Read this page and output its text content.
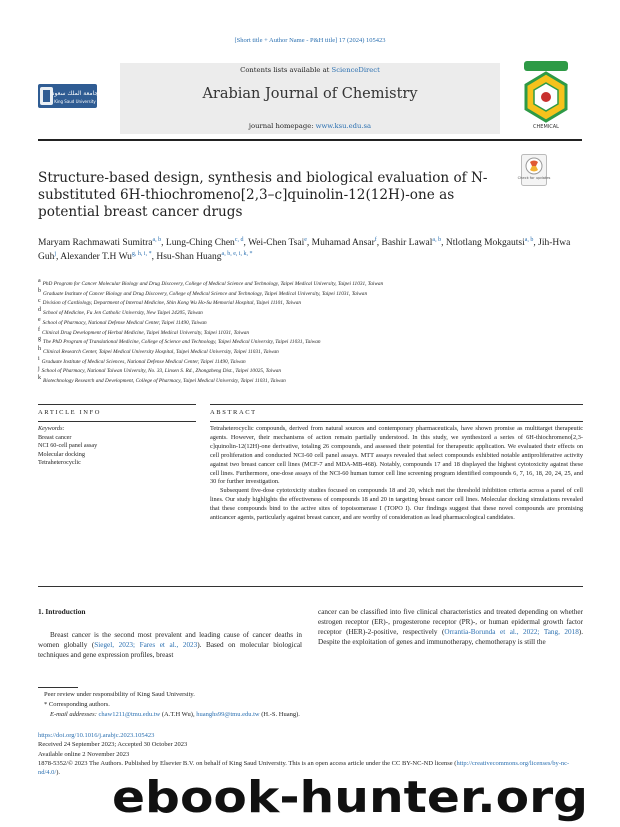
[Short title + Author Name - P&H title] 17 (2024) 105423
Contents lists available at ScienceDirect
Arabian Journal of Chemistry
journal homepage: www.ksu.edu.sa
جامعة الملك سعود
King Saud University
CHEMICAL
Structure-based design, synthesis and biological evaluation of N-substituted 6H-thiochromeno[2,3–c]quinolin-12(12H)-one as potential breast cancer drugs
Check for updates
Maryam Rachmawati Sumitra$^{a, b}$, Lung-Ching Chen$^{c, d}$, Wei-Chen Tsai$^e$, Muhamad Ansar$^f$, Bashir Lawal$^{a, b}$, Ntlotlang Mokgautsi$^{a, b}$, Jih-Hwa Guh$^j$, Alexander T.H $Wu^{g, h, i, *}$, Hsu-Shan Huang$^{a, b, e, i, k, *}$
$^a$ PhD Program for Cancer Molecular Biology and Drug Discovery, College of Medical Science and Technology, Taipei Medical University, Taipei 11031, Taiwan
$^b$ Graduate Institute of Cancer Biology and Drug Discovery, College of Medical Science and Technology, Taipei Medical University, Taipei 11031, Taiwan
$^c$ Division of Cardiology, Department of Internal Medicine, Shin Kong Wu Ho-Su Memorial Hospital, Taipei 11101, Taiwan
$^d$ School of Medicine, Fu Jen Catholic University, New Taipei 24205, Taiwan
$^e$ School of Pharmacy, National Defense Medical Center, Taipei 11490, Taiwan
$^f$ Clinical Drug Development of Herbal Medicine, Taipei Medical University, Taipei 11031, Taiwan
$^g$ The PhD Program of Translational Medicine, College of Science and Technology, Taipei Medical University, Taipei 11031, Taiwan
$^h$ Clinical Research Center, Taipei Medical University Hospital, Taipei Medical University, Taipei 11031, Taiwan
$^i$ Graduate Institute of Medical Sciences, National Defense Medical Center, Taipei 11490, Taiwan
$^j$ School of Pharmacy, National Taiwan University, No. 33, Linsen S. Rd., Zhongzheng Dist., Taipei 10025, Taiwan
$^k$ Biotechnology Research and Development, College of Pharmacy, Taipei Medical University, Taipei 11031, Taiwan
ARTICLE INFO	ABSTRACT
Keywords:
Breast cancer
NCI 60-cell panel assay
Molecular docking
Tetraheterocyclic

Tetraheterocyclic compounds, derived from natural sources and contemporary pharmaceuticals, have shown promise as multitarget therapeutic agents. However, their mechanisms of action remain partially understood. In this study, we synthesized a series of 6H-thiochromeno[2,3-c]quinolin-12(12H)-one derivative, totaling 26 compounds, and assessed their potential for therapeutic application. We evaluated their effects on cell proliferation and conducted NCI-60 cell panel assays. MTT assays revealed that select compounds exhibited notable antiproliferative activity against two breast cancer cell lines (MCF-7 and MDA-MB-468). Notably, compounds 17 and 18 displayed the highest cytotoxicity against these cell lines. Furthermore, one-dose assays of the NCI-60 human tumor cell line screening program identified compounds 6, 7, 16, 18, 20, 24, 25, and 30 for further investigation.

Subsequent five-dose cytotoxicity studies focused on compounds 18 and 20, which met the threshold inhibition criteria across a panel of cell lines. Our study highlights the effectiveness of compounds 18 and 20 in targeting breast cancer cell lines. Molecular docking simulations revealed that these compounds bind to the active sites of topoisomerase I (TOPO I). Our findings suggest that these novel compounds are promising anticancer agents, particularly against breast cancer, and are worthy of consideration as lead pharmacological candidates.

1. Introduction
Breast cancer is the second most prevalent and leading cause of cancer deaths in women globally (Siegel, 2023; Fares et al., 2023). Based on molecular biological techniques and gene expression profiles, breast
cancer can be classified into five clinical characteristics and treated depending on whether estrogen receptor (ER)-, progesterone receptor (PR)-, or human epidermal growth factor receptor (HER)-2-positive, respectively (Orrantia-Borunda et al., 2022; Tang, 2018). Despite the exploitation of genes and immunotherapy, chemotherapy is still the
Peer review under responsibility of King Saud University.
* Corresponding authors.
E-mail addresses: chaw1211@tmu.edu.tw (A.T.H Wu), huanghs99@tmu.edu.tw (H.-S. Huang).
https://doi.org/10.1016/j.arabjc.2023.105423
Received 24 September 2023; Accepted 30 October 2023
Available online 2 November 2023
1878-5352/© 2023 The Authors. Published by Elsevier B.V. on behalf of King Saud University. This is an open access article under the CC BY-NC-ND license (http://creativecommons.org/licenses/by-nc-nd/4.0/).	ebook-hunter.org
